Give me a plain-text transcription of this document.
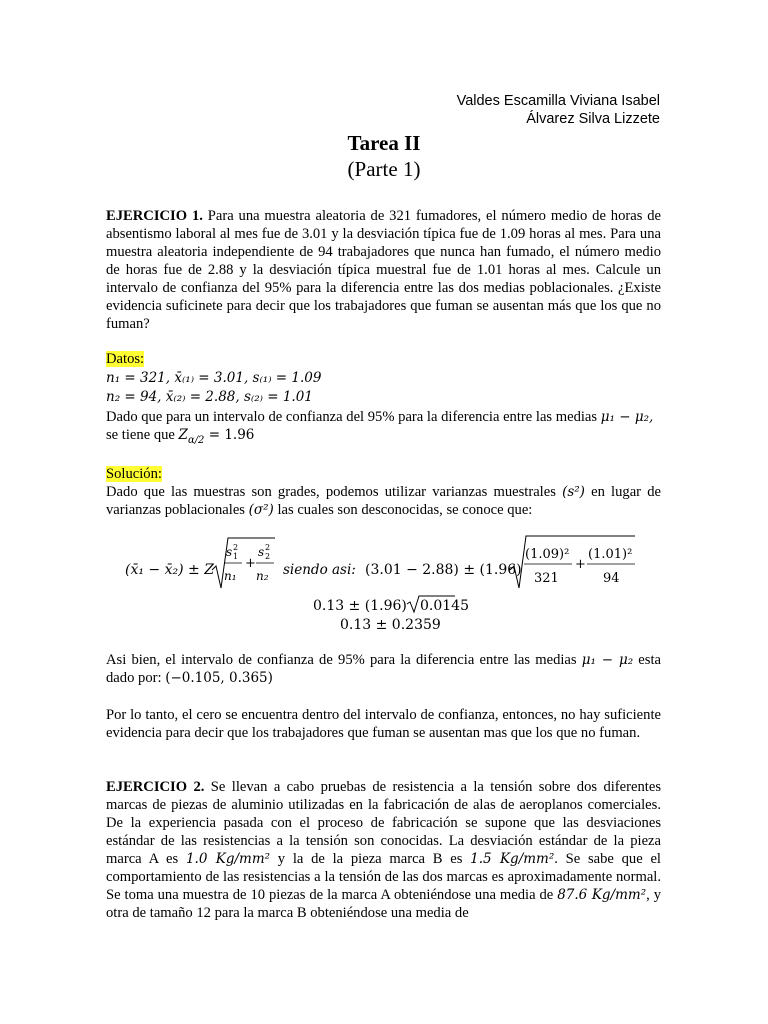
Valdes Escamilla Viviana Isabel
Álvarez Silva Lizzete

Tarea II

(Parte 1)

EJERCICIO 1. Para una muestra aleatoria de 321 fumadores, el número medio de horas de absentismo laboral al mes fue de 3.01 y la desviación típica fue de 1.09 horas al mes. Para una muestra aleatoria independiente de 94 trabajadores que nunca han fumado, el número medio de horas fue de 2.88 y la desviación típica muestral fue de 1.01 horas al mes. Calcule un intervalo de confianza del 95% para la diferencia entre las dos medias poblacionales. ¿Existe evidencia suficinete para decir que los trabajadores que fuman se ausentan más que los que no fuman?

Datos:
n₁ = 321, x̄₍₁₎ = 3.01, s₍₁₎ = 1.09
n₂ = 94, x̄₍₂₎ = 2.88, s₍₂₎ = 1.01

Dado que para un intervalo de confianza del 95% para la diferencia entre las medias μ₁ − μ₂,
se tiene que $Z_{\alpha/2} = 1.96$

Solución:

Dado que las muestras son grades, podemos utilizar varianzas muestrales (s²) en lugar de varianzas poblacionales (σ²) las cuales son desconocidas, se conoce que:

(x̄₁ − x̄₂) ± Z
s 2
1
n₁
+
s 2
2
n₂ siendo asi: (3.01 − 2.88) ± (1.96)
(1.09)²
321
+
(1.01)²
94
0.13 ± (1.96) 0.0145
0.13 ± 0.2359

Asi bien, el intervalo de confianza de 95% para la diferencia entre las medias μ₁ − μ₂ esta dado por: (−0.105, 0.365)

Por lo tanto, el cero se encuentra dentro del intervalo de confianza, entonces, no hay suficiente evidencia para decir que los trabajadores que fuman se ausentan mas que los que no fuman.

EJERCICIO 2. Se llevan a cabo pruebas de resistencia a la tensión sobre dos diferentes marcas de piezas de aluminio utilizadas en la fabricación de alas de aeroplanos comerciales. De la experiencia pasada con el proceso de fabricación se supone que las desviaciones estándar de las resistencias a la tensión son conocidas. La desviación estándar de la pieza marca A es 1.0 Kg/mm² y la de la pieza marca B es 1.5 Kg/mm². Se sabe que el comportamiento de las resistencias a la tensión de las dos marcas es aproximadamente normal. Se toma una muestra de 10 piezas de la marca A obteniéndose una media de 87.6 Kg/mm², y otra de tamaño 12 para la marca B obteniéndose una media de
